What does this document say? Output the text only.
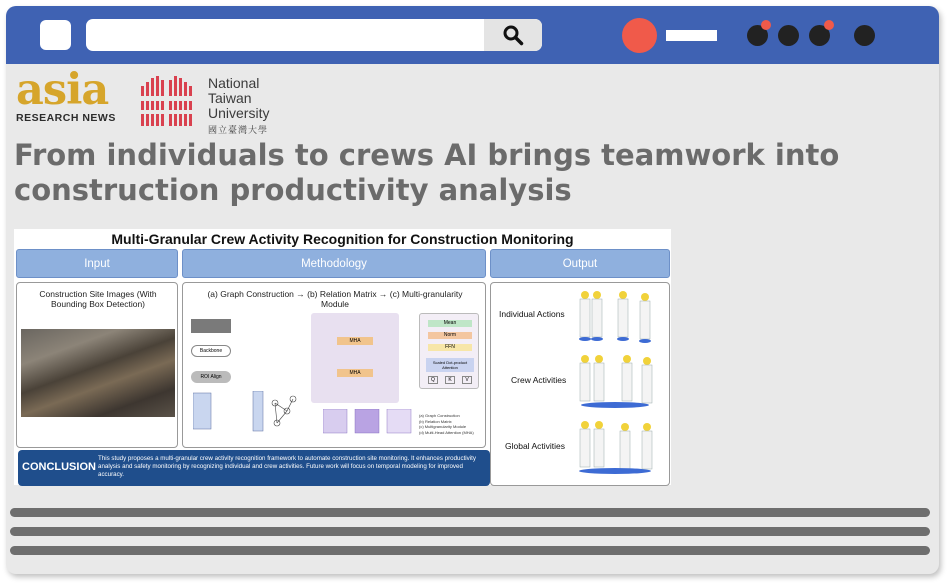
asia
RESEARCH NEWS
National
Taiwan
University
國立臺灣大學
From individuals to crews AI brings teamwork into construction productivity analysis
Multi-Granular Crew Activity Recognition for Construction Monitoring
Input	Methodology	Output
Construction Site Images (With Bounding Box Detection)
(a) Graph Construction → (b) Relation Matrix → (c) Multi-granularity Module
Backbone
ROI Align
MHA
MHA
Mean
Norm
FFN
Scaled Dot-product Attention
Q	K	V
(a) Graph Construction
(b) Relation Matrix
(c) Multigranularity Module
(d) Multi-Head Attention (MHA)
Individual Actions
Crew Activities
Global Activities
CONCLUSION
This study proposes a multi-granular crew activity recognition framework to automate construction site monitoring. It enhances productivity analysis and safety monitoring by recognizing individual and crew activities. Future work will focus on temporal modeling for improved accuracy.
